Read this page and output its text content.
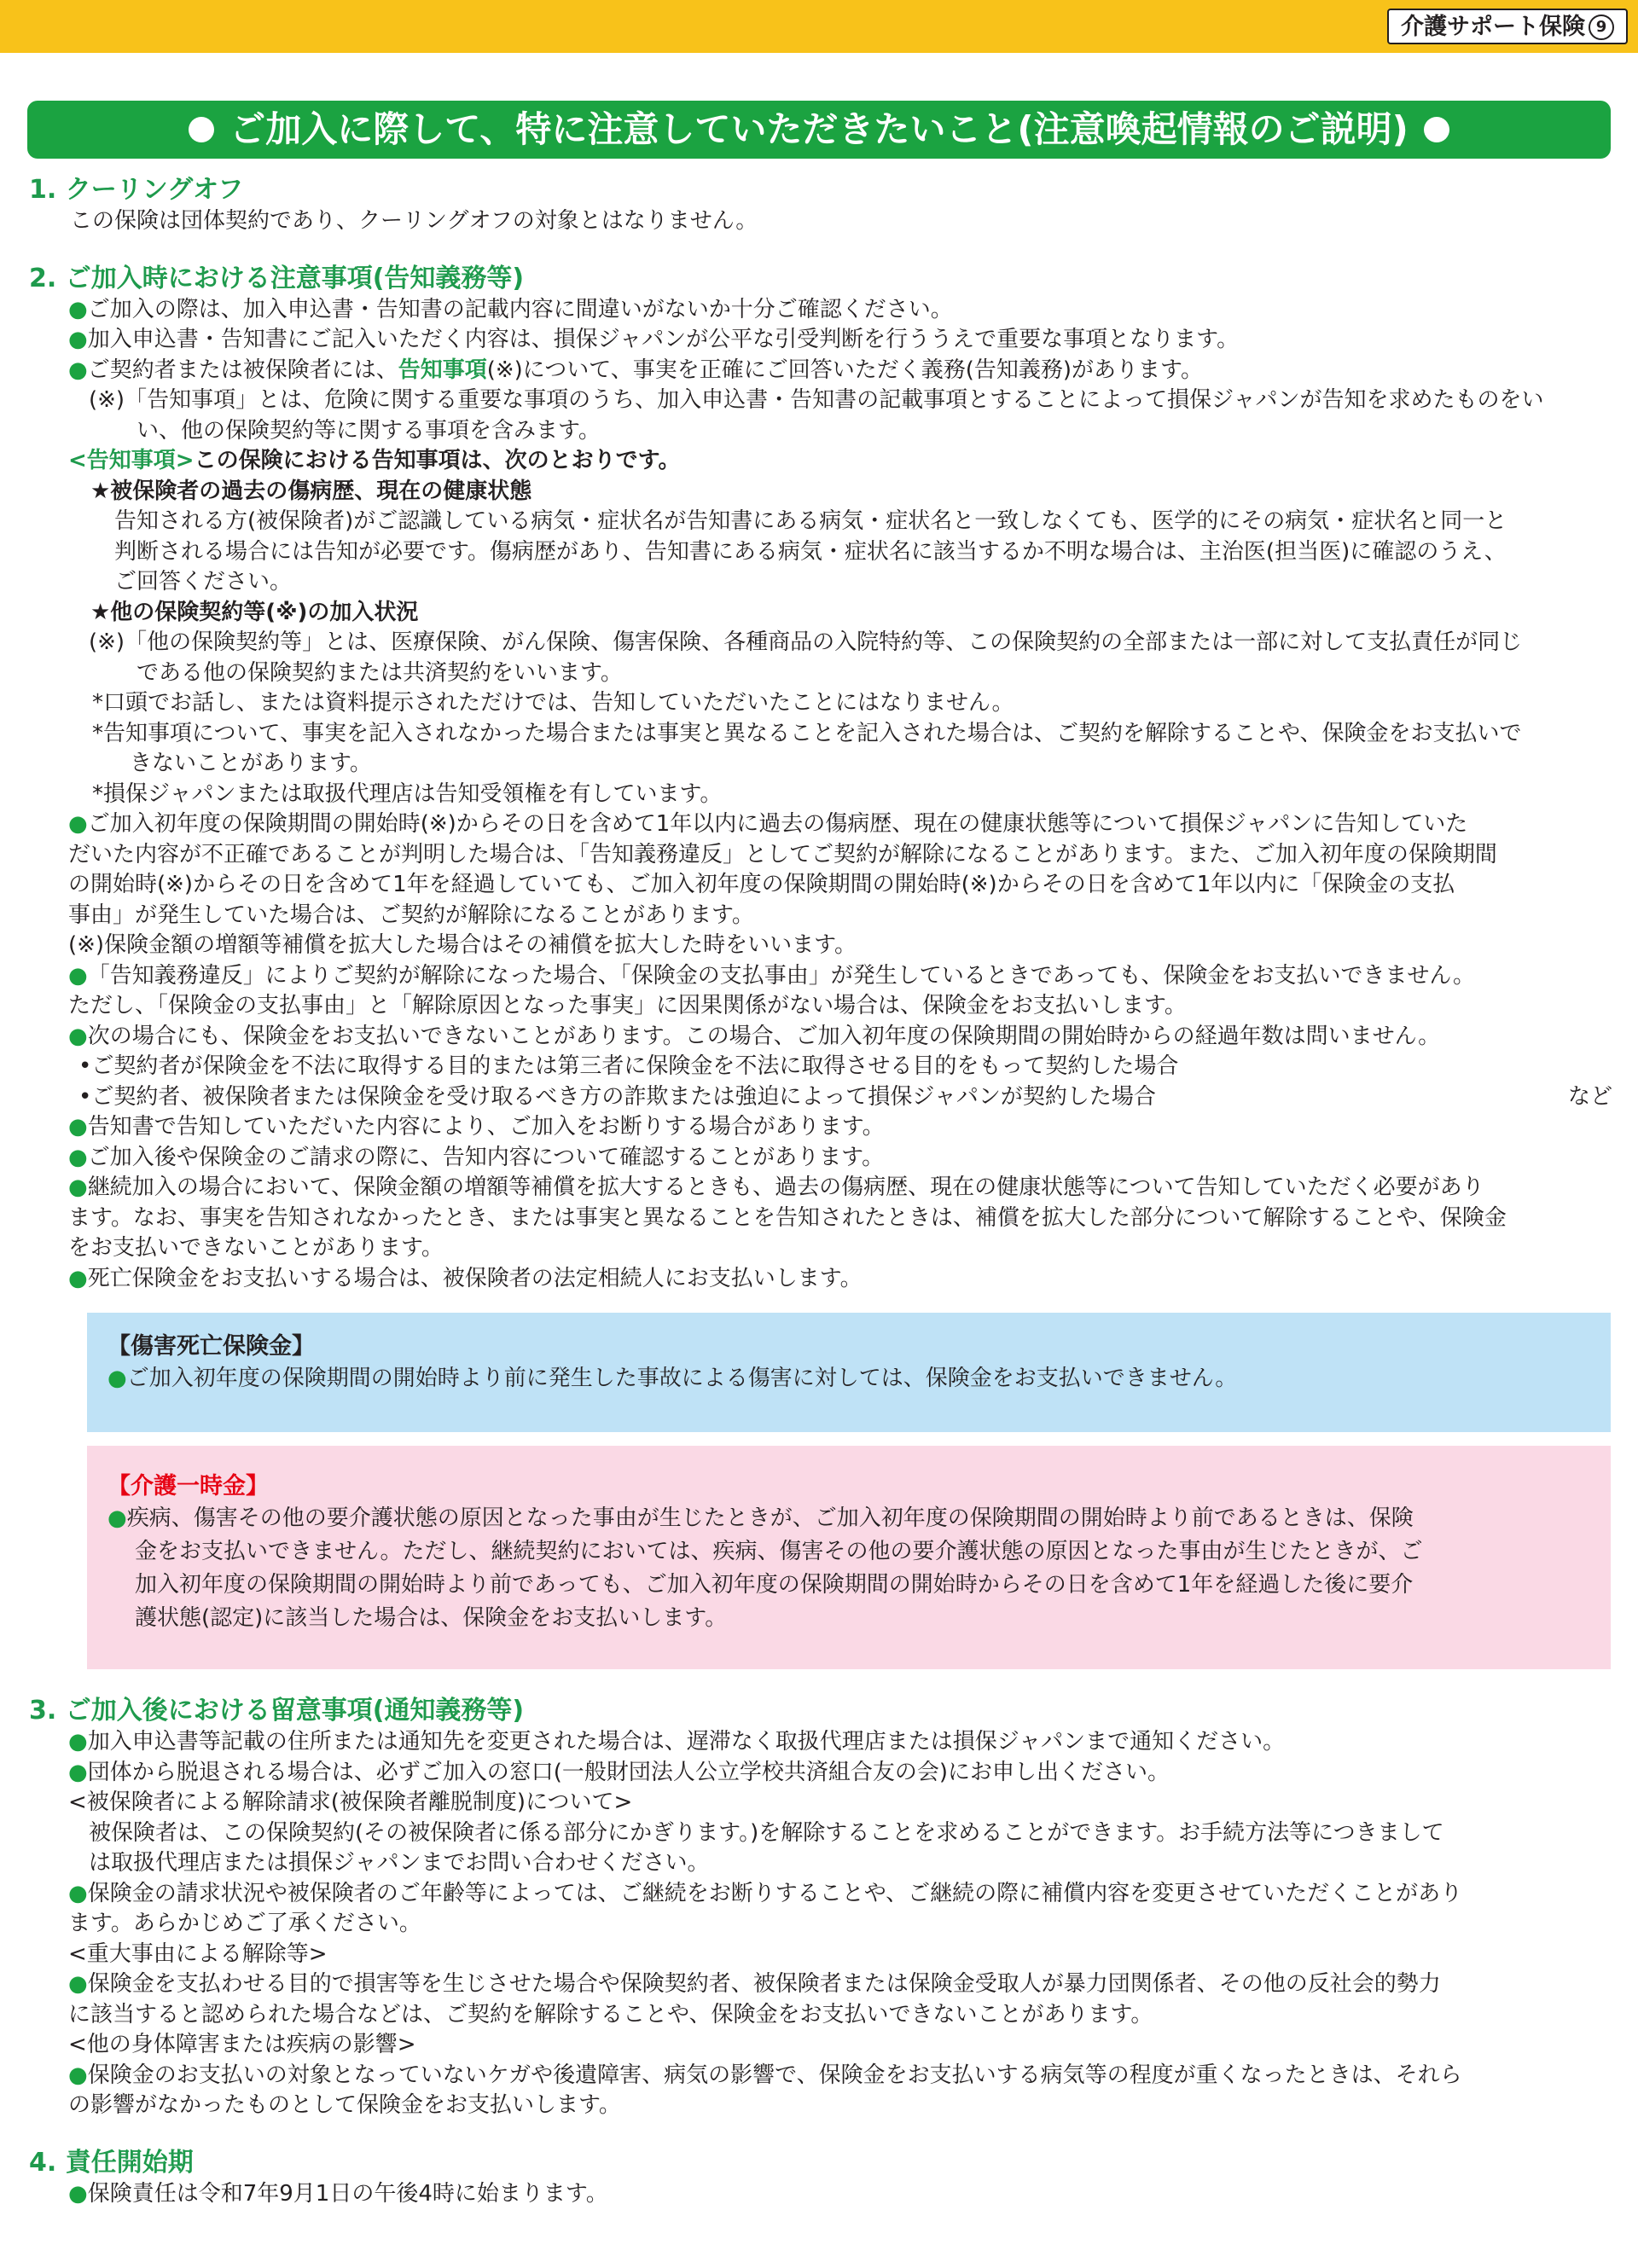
介護サポート保険 9
ご加入に際して、特に注意していただきたいこと(注意喚起情報のご説明)
1. クーリングオフ
この保険は団体契約であり、クーリングオフの対象とはなりません。
2. ご加入時における注意事項(告知義務等)
●ご加入の際は、加入申込書・告知書の記載内容に間違いがないか十分ご確認ください。
●加入申込書・告知書にご記入いただく内容は、損保ジャパンが公平な引受判断を行ううえで重要な事項となります。
●ご契約者または被保険者には、告知事項(※)について、事実を正確にご回答いただく義務(告知義務)があります。
(※)「告知事項」とは、危険に関する重要な事項のうち、加入申込書・告知書の記載事項とすることによって損保ジャパンが告知を求めたものをい
い、他の保険契約等に関する事項を含みます。
<告知事項>この保険における告知事項は、次のとおりです。
★被保険者の過去の傷病歴、現在の健康状態
告知される方(被保険者)がご認識している病気・症状名が告知書にある病気・症状名と一致しなくても、医学的にその病気・症状名と同一と
判断される場合には告知が必要です。傷病歴があり、告知書にある病気・症状名に該当するか不明な場合は、主治医(担当医)に確認のうえ、
ご回答ください。
★他の保険契約等(※)の加入状況
(※)「他の保険契約等」とは、医療保険、がん保険、傷害保険、各種商品の入院特約等、この保険契約の全部または一部に対して支払責任が同じ
である他の保険契約または共済契約をいいます。
*口頭でお話し、または資料提示されただけでは、告知していただいたことにはなりません。
*告知事項について、事実を記入されなかった場合または事実と異なることを記入された場合は、ご契約を解除することや、保険金をお支払いで
きないことがあります。
*損保ジャパンまたは取扱代理店は告知受領権を有しています。
●ご加入初年度の保険期間の開始時(※)からその日を含めて1年以内に過去の傷病歴、現在の健康状態等について損保ジャパンに告知していた
だいた内容が不正確であることが判明した場合は、「告知義務違反」としてご契約が解除になることがあります。また、ご加入初年度の保険期間
の開始時(※)からその日を含めて1年を経過していても、ご加入初年度の保険期間の開始時(※)からその日を含めて1年以内に「保険金の支払
事由」が発生していた場合は、ご契約が解除になることがあります。
(※)保険金額の増額等補償を拡大した場合はその補償を拡大した時をいいます。
●「告知義務違反」によりご契約が解除になった場合、「保険金の支払事由」が発生しているときであっても、保険金をお支払いできません。
ただし、「保険金の支払事由」と「解除原因となった事実」に因果関係がない場合は、保険金をお支払いします。
●次の場合にも、保険金をお支払いできないことがあります。この場合、ご加入初年度の保険期間の開始時からの経過年数は問いません。
•ご契約者が保険金を不法に取得する目的または第三者に保険金を不法に取得させる目的をもって契約した場合
•ご契約者、被保険者または保険金を受け取るべき方の詐欺または強迫によって損保ジャパンが契約した場合	など
●告知書で告知していただいた内容により、ご加入をお断りする場合があります。
●ご加入後や保険金のご請求の際に、告知内容について確認することがあります。
●継続加入の場合において、保険金額の増額等補償を拡大するときも、過去の傷病歴、現在の健康状態等について告知していただく必要があり
ます。なお、事実を告知されなかったとき、または事実と異なることを告知されたときは、補償を拡大した部分について解除することや、保険金
をお支払いできないことがあります。
●死亡保険金をお支払いする場合は、被保険者の法定相続人にお支払いします。
【傷害死亡保険金】
●ご加入初年度の保険期間の開始時より前に発生した事故による傷害に対しては、保険金をお支払いできません。
【介護一時金】
●疾病、傷害その他の要介護状態の原因となった事由が生じたときが、ご加入初年度の保険期間の開始時より前であるときは、保険
金をお支払いできません。ただし、継続契約においては、疾病、傷害その他の要介護状態の原因となった事由が生じたときが、ご
加入初年度の保険期間の開始時より前であっても、ご加入初年度の保険期間の開始時からその日を含めて1年を経過した後に要介
護状態(認定)に該当した場合は、保険金をお支払いします。
3. ご加入後における留意事項(通知義務等)
●加入申込書等記載の住所または通知先を変更された場合は、遅滞なく取扱代理店または損保ジャパンまで通知ください。
●団体から脱退される場合は、必ずご加入の窓口(一般財団法人公立学校共済組合友の会)にお申し出ください。
<被保険者による解除請求(被保険者離脱制度)について>
被保険者は、この保険契約(その被保険者に係る部分にかぎります。)を解除することを求めることができます。お手続方法等につきまして
は取扱代理店または損保ジャパンまでお問い合わせください。
●保険金の請求状況や被保険者のご年齢等によっては、ご継続をお断りすることや、ご継続の際に補償内容を変更させていただくことがあり
ます。あらかじめご了承ください。
<重大事由による解除等>
●保険金を支払わせる目的で損害等を生じさせた場合や保険契約者、被保険者または保険金受取人が暴力団関係者、その他の反社会的勢力
に該当すると認められた場合などは、ご契約を解除することや、保険金をお支払いできないことがあります。
<他の身体障害または疾病の影響>
●保険金のお支払いの対象となっていないケガや後遺障害、病気の影響で、保険金をお支払いする病気等の程度が重くなったときは、それら
の影響がなかったものとして保険金をお支払いします。
4. 責任開始期
●保険責任は令和7年9月1日の午後4時に始まります。
